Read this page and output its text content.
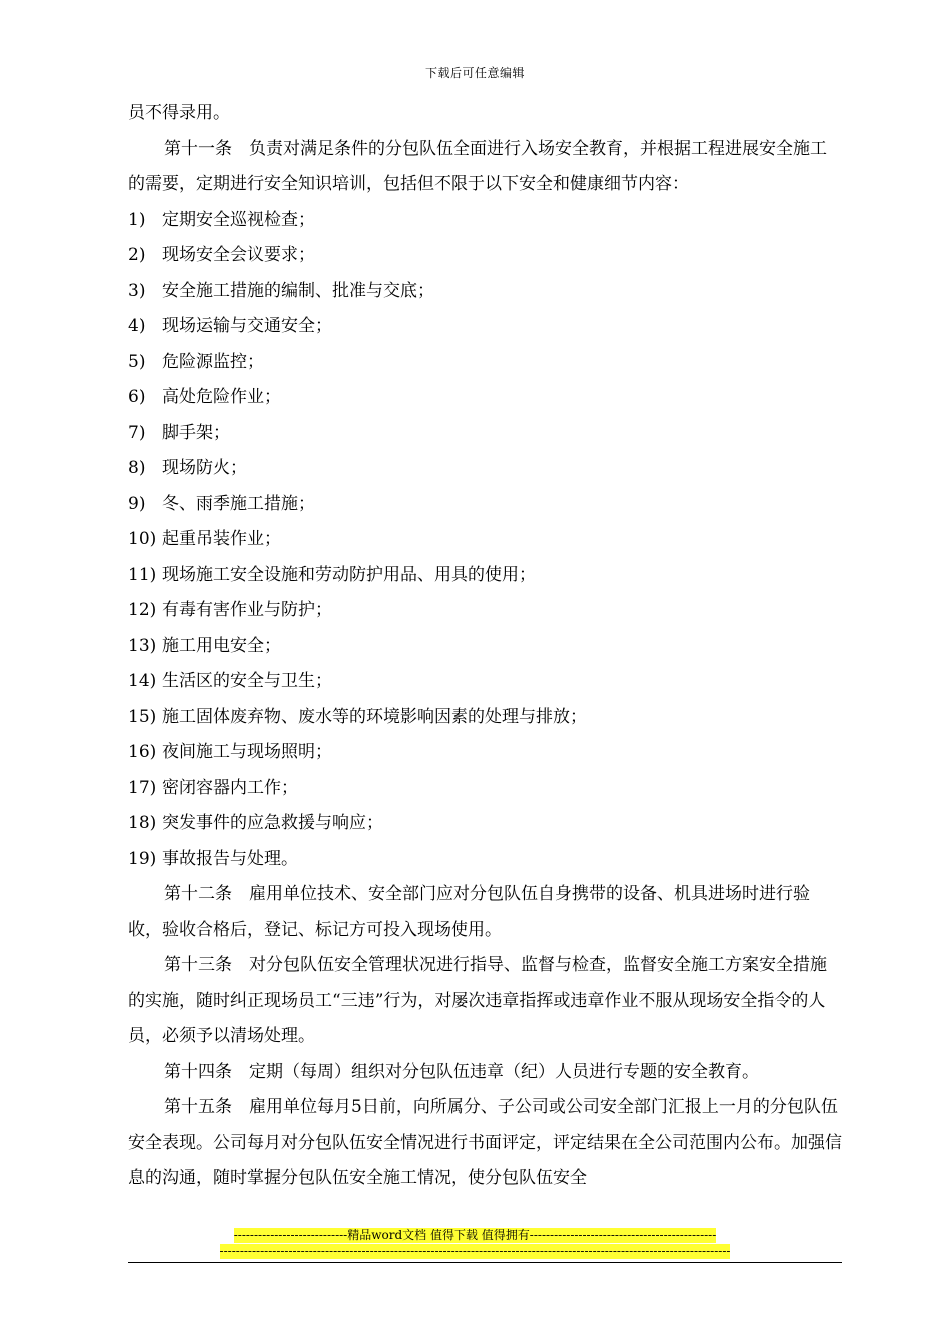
下载后可任意编辑

员不得录用。

第十一条　负责对满足条件的分包队伍全面进行入场安全教育，并根据工程进展安全施工的需要，定期进行安全知识培训，包括但不限于以下安全和健康细节内容：

1) 定期安全巡视检查；
2) 现场安全会议要求；
3) 安全施工措施的编制、批准与交底；
4) 现场运输与交通安全；
5) 危险源监控；
6) 高处危险作业；
7) 脚手架；
8) 现场防火；
9) 冬、雨季施工措施；
10) 起重吊装作业；
11) 现场施工安全设施和劳动防护用品、用具的使用；
12) 有毒有害作业与防护；
13) 施工用电安全；
14) 生活区的安全与卫生；
15) 施工固体废弃物、废水等的环境影响因素的处理与排放；
16) 夜间施工与现场照明；
17) 密闭容器内工作；
18) 突发事件的应急救援与响应；
19) 事故报告与处理。

第十二条　雇用单位技术、安全部门应对分包队伍自身携带的设备、机具进场时进行验收，验收合格后，登记、标记方可投入现场使用。

第十三条　对分包队伍安全管理状况进行指导、监督与检查，监督安全施工方案安全措施的实施，随时纠正现场员工“三违”行为，对屡次违章指挥或违章作业不服从现场安全指令的人员，必须予以清场处理。

第十四条　定期（每周）组织对分包队伍违章（纪）人员进行专题的安全教育。

第十五条　雇用单位每月5日前，向所属分、子公司或公司安全部门汇报上一月的分包队伍安全表现。公司每月对分包队伍安全情况进行书面评定，评定结果在全公司范围内公布。加强信息的沟通，随时掌握分包队伍安全施工情况，使分包队伍安全

----------------------------精品word文档 值得下载 值得拥有----------------------------------------------
------------------------------------------------------------------------------------------------------------------------------
